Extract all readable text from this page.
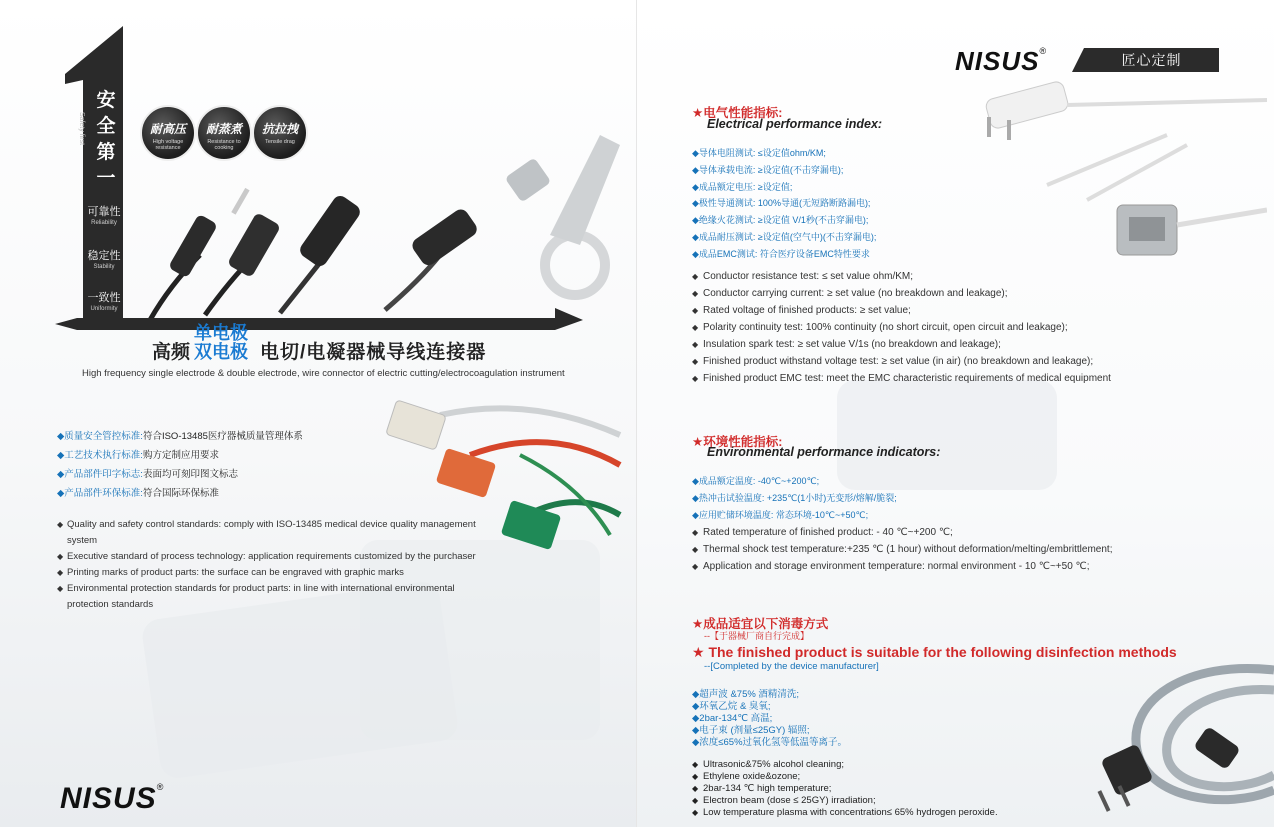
安
全
第
一
Safety first
可靠性
Reliability
稳定性
Stability
一致性
Uniformity
耐高压
High voltage resistance
耐蒸煮
Resistance to cooking
抗拉拽
Tensile drag
高频
单电极
双电极 电切/电凝器械导线连接器
High frequency single electrode & double electrode, wire connector of electric cutting/electrocoagulation instrument
◆质量安全管控标准:符合ISO-13485医疗器械质量管理体系
◆工艺技术执行标准:购方定制应用要求
◆产品部件印字标志:表面均可刻印图文标志
◆产品部件环保标准:符合国际环保标准
◆ Quality and safety control standards: comply with ISO-13485 medical device quality management system
◆ Executive standard of process technology: application requirements customized by the purchaser
◆ Printing marks of product parts: the surface can be engraved with graphic marks
◆ Environmental protection standards for product parts: in line with international environmental protection standards
NISUS®
NISUS®
匠心定制
★电气性能指标:
Electrical performance index:
◆导体电阻测试: ≤设定值ohm/KM;
◆导体承载电流: ≥设定值(不击穿漏电);
◆成品额定电压: ≥设定值;
◆极性导通测试: 100%导通(无短路断路漏电);
◆绝缘火花测试: ≥设定值 V/1秒(不击穿漏电);
◆成品耐压测试: ≥设定值(空气中)(不击穿漏电);
◆成品EMC测试: 符合医疗设备EMC特性要求
◆ Conductor resistance test: ≤ set value ohm/KM;
◆ Conductor carrying current: ≥ set value (no breakdown and leakage);
◆ Rated voltage of finished products: ≥ set value;
◆ Polarity continuity test: 100% continuity (no short circuit, open circuit and leakage);
◆ Insulation spark test: ≥ set value V/1s (no breakdown and leakage);
◆ Finished product withstand voltage test: ≥ set value (in air) (no breakdown and leakage);
◆ Finished product EMC test: meet the EMC characteristic requirements of medical equipment
★环境性能指标:
Environmental performance indicators:
◆成品额定温度: -40℃~+200℃;
◆热冲击试验温度: +235℃(1小时)无变形/熔解/脆裂;
◆应用贮储环境温度: 常态环境-10℃~+50℃;
◆ Rated temperature of finished product: - 40 ℃~+200 ℃;
◆ Thermal shock test temperature:+235 ℃ (1 hour) without deformation/melting/embrittlement;
◆ Application and storage environment temperature: normal environment - 10 ℃~+50 ℃;
★成品适宜以下消毒方式
--【于器械厂商自行完成】
★ The finished product is suitable for the following disinfection methods
--[Completed by the device manufacturer]
◆超声波 &75% 酒精清洗;
◆环氧乙烷 & 臭氧;
◆2bar-134℃ 高温;
◆电子束 (剂量≤25GY) 辐照;
◆浓度≤65%过氧化氢等低温等离子。
◆ Ultrasonic&75% alcohol cleaning;
◆ Ethylene oxide&ozone;
◆ 2bar-134 ℃ high temperature;
◆ Electron beam (dose ≤ 25GY) irradiation;
◆ Low temperature plasma with concentration≤ 65% hydrogen peroxide.
